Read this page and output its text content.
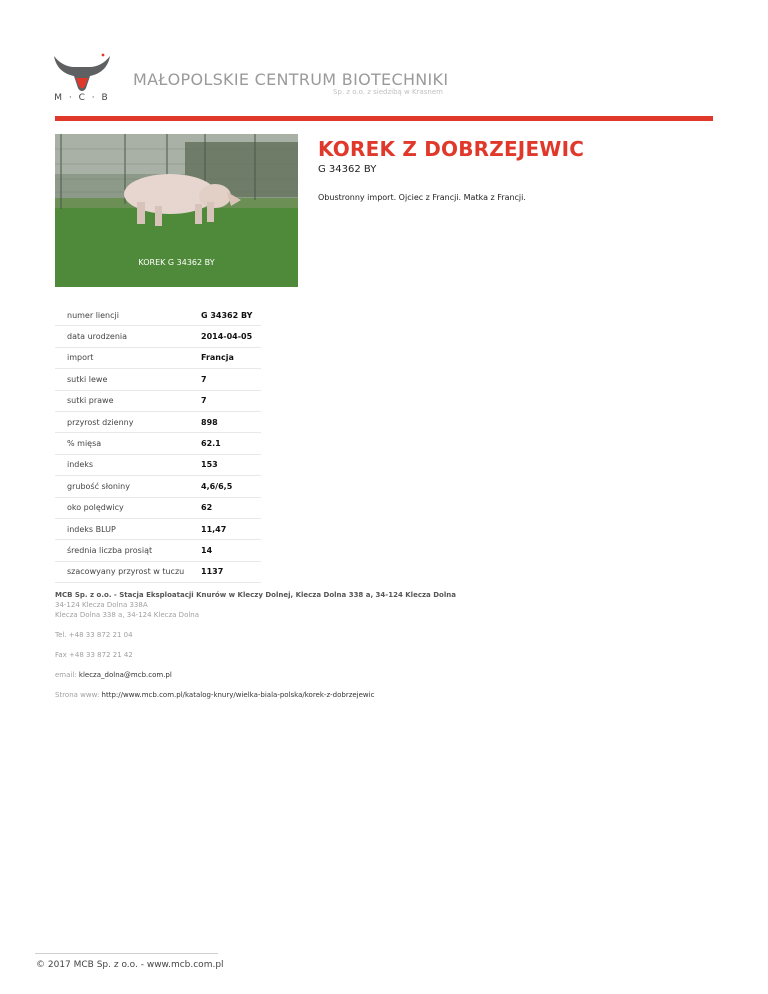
M · C · B
MAŁOPOLSKIE CENTRUM BIOTECHNIKI
Sp. z o.o. z siedzibą w Krasnem
KOREK G 34362 BY
KOREK Z DOBRZEJEWIC
G 34362 BY
Obustronny import. Ojciec z Francji. Matka z Francji.
numer liencji	G 34362 BY
data urodzenia	2014-04-05
import	Francja
sutki lewe	7
sutki prawe	7
przyrost dzienny	898
% mięsa	62.1
indeks	153
grubość słoniny	4,6/6,5
oko polędwicy	62
indeks BLUP	11,47
średnia liczba prosiąt	14
szacowyany przyrost w tuczu	1137
MCB Sp. z o.o. - Stacja Eksploatacji Knurów w Kleczy Dolnej, Klecza Dolna 338 a, 34-124 Klecza Dolna
34-124 Klecza Dolna 338A
Klecza Dolna 338 a, 34-124 Klecza Dolna
Tel. +48 33 872 21 04
Fax +48 33 872 21 42
email: klecza_dolna@mcb.com.pl
Strona www: http://www.mcb.com.pl/katalog-knury/wielka-biala-polska/korek-z-dobrzejewic
© 2017 MCB Sp. z o.o. - www.mcb.com.pl
